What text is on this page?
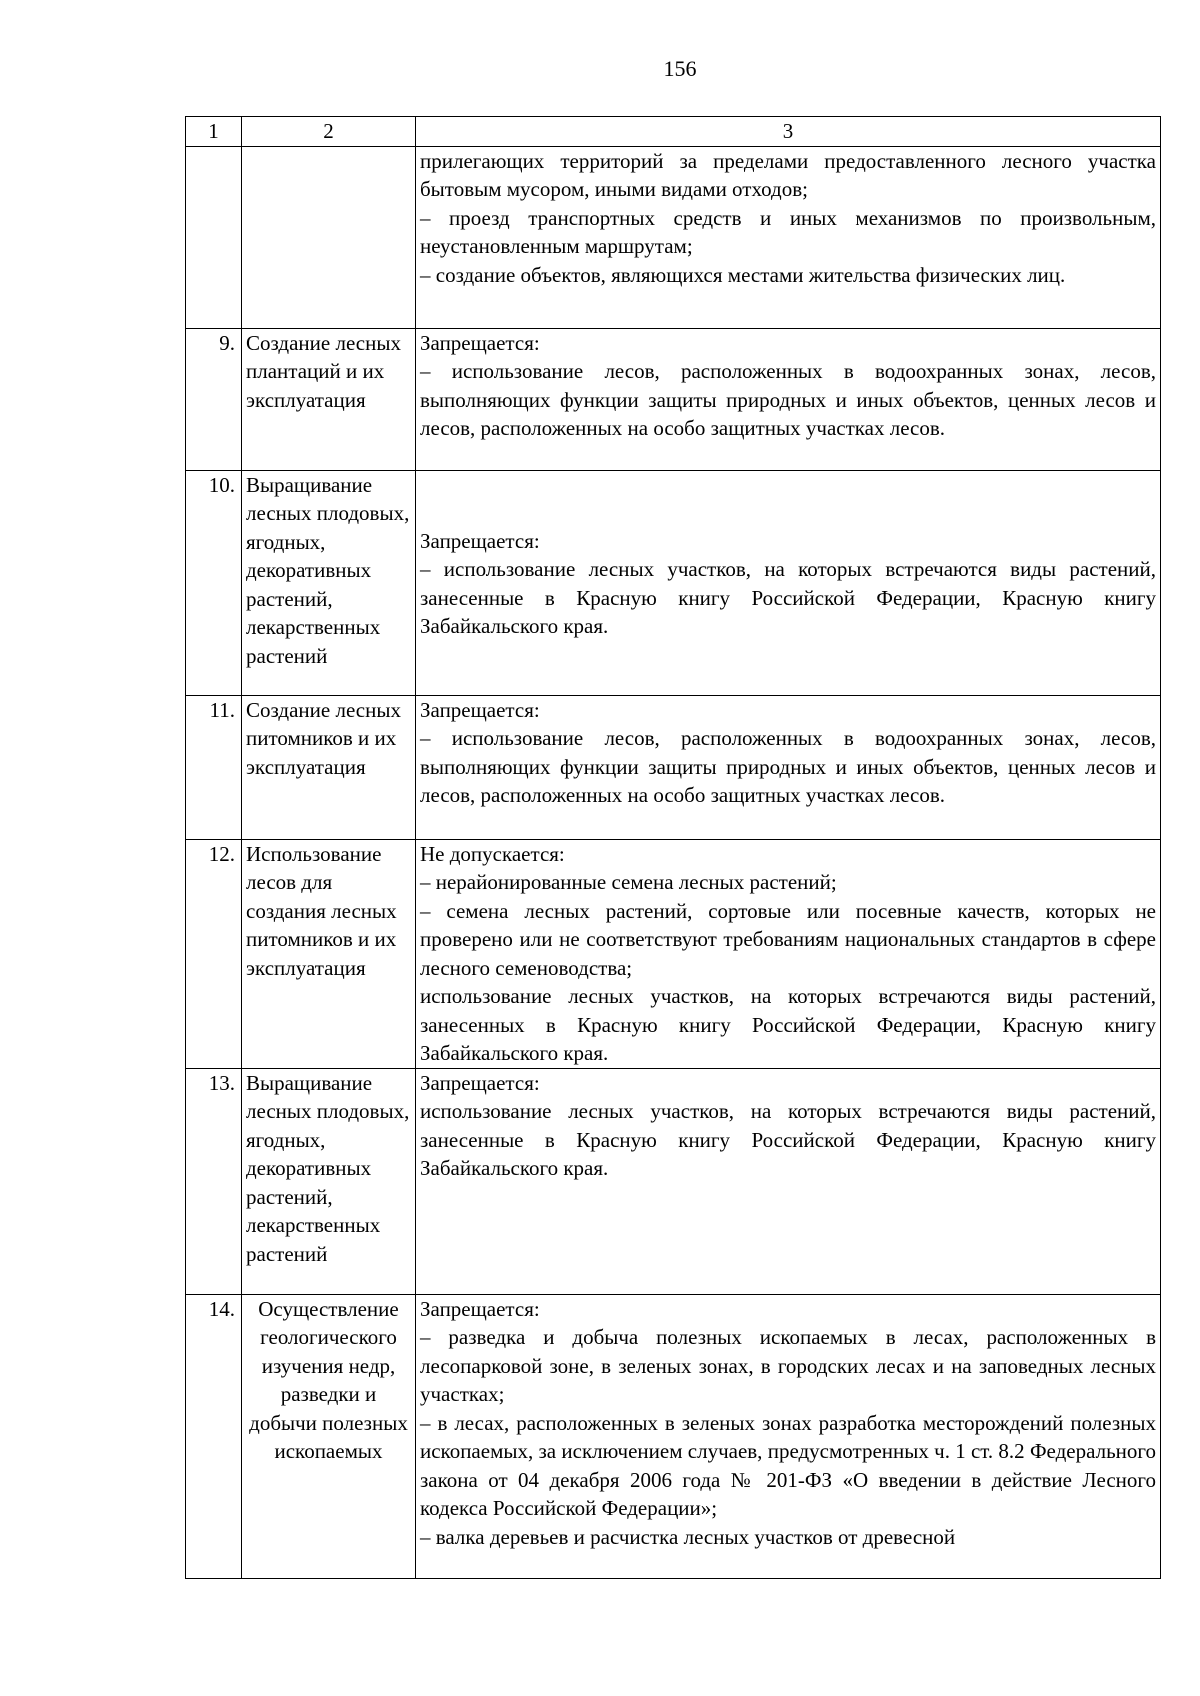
156
1	2	3

		прилегающих территорий за пределами предоставленного лесного участка бытовым мусором, иными видами отходов;

– проезд транспортных средств и иных механизмов по произвольным, неустановленным маршрутам;

– создание объектов, являющихся местами жительства физических лиц.

9.	Создание лесных плантаций и их эксплуатация	Запрещается:

– использование лесов, расположенных в водоохранных зонах, лесов, выполняющих функции защиты природных и иных объектов, ценных лесов и лесов, расположенных на особо защитных участках лесов.

10.	Выращивание лесных плодовых, ягодных, декоративных растений, лекарственных растений	Запрещается:

– использование лесных участков, на которых встречаются виды растений, занесенные в Красную книгу Российской Федерации, Красную книгу Забайкальского края.

11.	Создание лесных питомников и их эксплуатация	Запрещается:

– использование лесов, расположенных в водоохранных зонах, лесов, выполняющих функции защиты природных и иных объектов, ценных лесов и лесов, расположенных на особо защитных участках лесов.

12.	Использование лесов для создания лесных питомников и их эксплуатация	Не допускается:

– нерайонированные семена лесных растений;

– семена лесных растений, сортовые или посевные качеств, которых не проверено или не соответствуют требованиям национальных стандартов в сфере лесного семеноводства;

использование лесных участков, на которых встречаются виды растений, занесенных в Красную книгу Российской Федерации, Красную книгу Забайкальского края.

13.	Выращивание лесных плодовых, ягодных, декоративных растений, лекарственных растений	Запрещается:

использование лесных участков, на которых встречаются виды растений, занесенные в Красную книгу Российской Федерации, Красную книгу Забайкальского края.

14.	Осуществление геологического изучения недр, разведки и добычи полезных ископаемых	Запрещается:

– разведка и добыча полезных ископаемых в лесах, расположенных в лесопарковой зоне, в зеленых зонах, в городских лесах и на заповедных лесных участках;

– в лесах, расположенных в зеленых зонах разработка месторождений полезных ископаемых, за исключением случаев, предусмотренных ч. 1 ст. 8.2 Федерального закона от 04 декабря 2006 года № 201-ФЗ «О введении в действие Лесного кодекса Российской Федерации»;

– валка деревьев и расчистка лесных участков от древесной
